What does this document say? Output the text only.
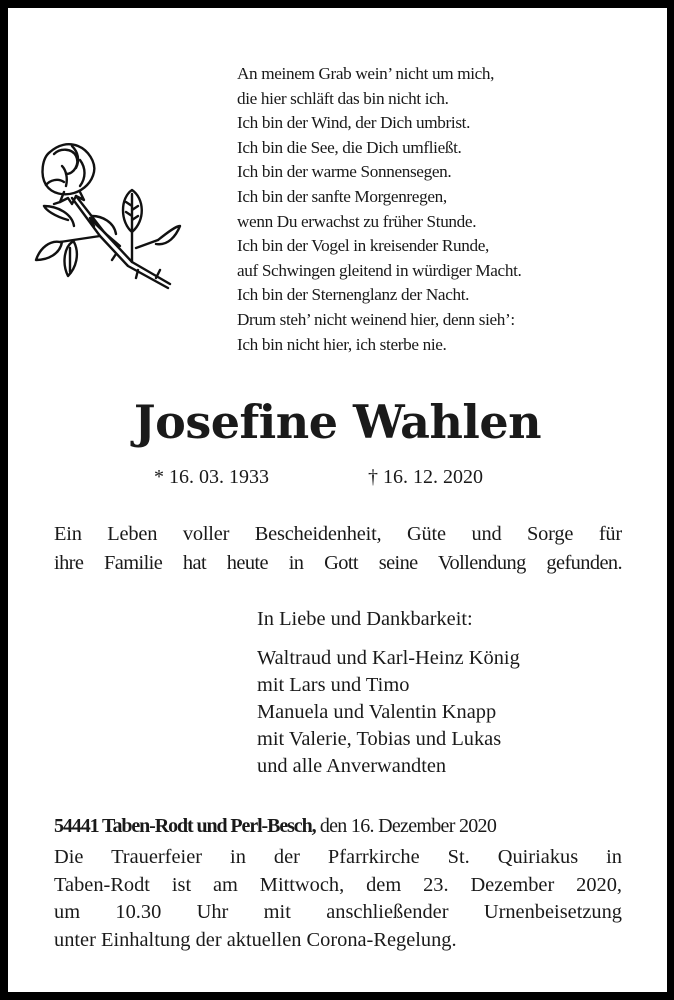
An meinem Grab wein’ nicht um mich,
die hier schläft das bin nicht ich.
Ich bin der Wind, der Dich umbrist.
Ich bin die See, die Dich umfließt.
Ich bin der warme Sonnensegen.
Ich bin der sanfte Morgenregen,
wenn Du erwachst zu früher Stunde.
Ich bin der Vogel in kreisender Runde,
auf Schwingen gleitend in würdiger Macht.
Ich bin der Sternenglanz der Nacht.
Drum steh’ nicht weinend hier, denn sieh’:
Ich bin nicht hier, ich sterbe nie.
Josefine Wahlen
* 16. 03. 1933	† 16. 12. 2020
Ein Leben voller Bescheidenheit, Güte und Sorge für
ihre Familie hat heute in Gott seine Vollendung gefunden.
In Liebe und Dankbarkeit:
Waltraud und Karl-Heinz König
mit Lars und Timo
Manuela und Valentin Knapp
mit Valerie, Tobias und Lukas
und alle Anverwandten
54441 Taben-Rodt und Perl-Besch, den 16. Dezember 2020
Die Trauerfeier in der Pfarrkirche St. Quiriakus in
Taben-Rodt ist am Mittwoch, dem 23. Dezember 2020,
um 10.30 Uhr mit anschließender Urnenbeisetzung
unter Einhaltung der aktuellen Corona-Regelung.
